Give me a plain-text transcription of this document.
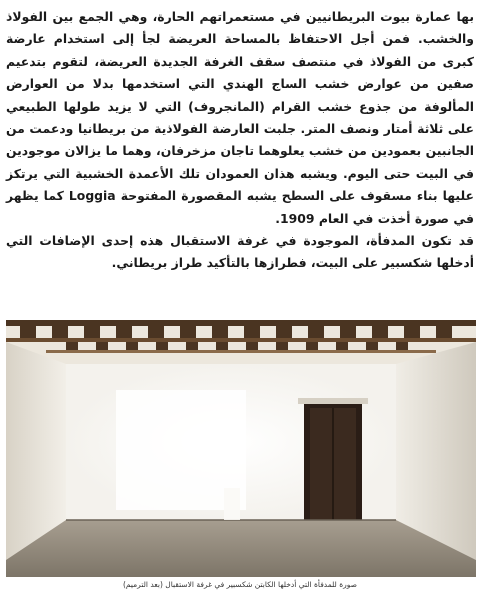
بها عمارة بيوت البريطانيين في مستعمراتهم الحارة، وهي الجمع بين الفولاذ والخشب. فمن أجل الاحتفاظ بالمساحة العريضة لجأ إلى استخدام عارضة كبرى من الفولاذ في منتصف سقف الغرفة الجديدة العريضة، لتقوم بتدعيم صفين من عوارض خشب الساج الهندي التي استخدمها بدلا من العوارض المألوفة من جذوع خشب القرام (المانجروف) التي لا يزيد طولها الطبيعي على ثلاثة أمتار ونصف المتر. جلبت العارضة الفولاذية من بريطانيا ودعمت من الجانبين بعمودين من خشب يعلوهما تاجان مزخرفان، وهما ما يزالان موجودين في البيت حتى اليوم. ويشبه هذان العمودان تلك الأعمدة الخشبية التي يرتكز عليها بناء مسقوف على السطح يشبه المقصورة المفتوحة Loggia كما يظهر في صورة أخذت في العام 1909.

قد تكون المدفأة، الموجودة في غرفة الاستقبال هذه إحدى الإضافات التي أدخلها شكسبير على البيت، فطرازها بالتأكيد طراز بريطاني.

صورة للمدفأة التي أدخلها الكابتن شكسبير في غرفة الاستقبال (بعد الترميم)
